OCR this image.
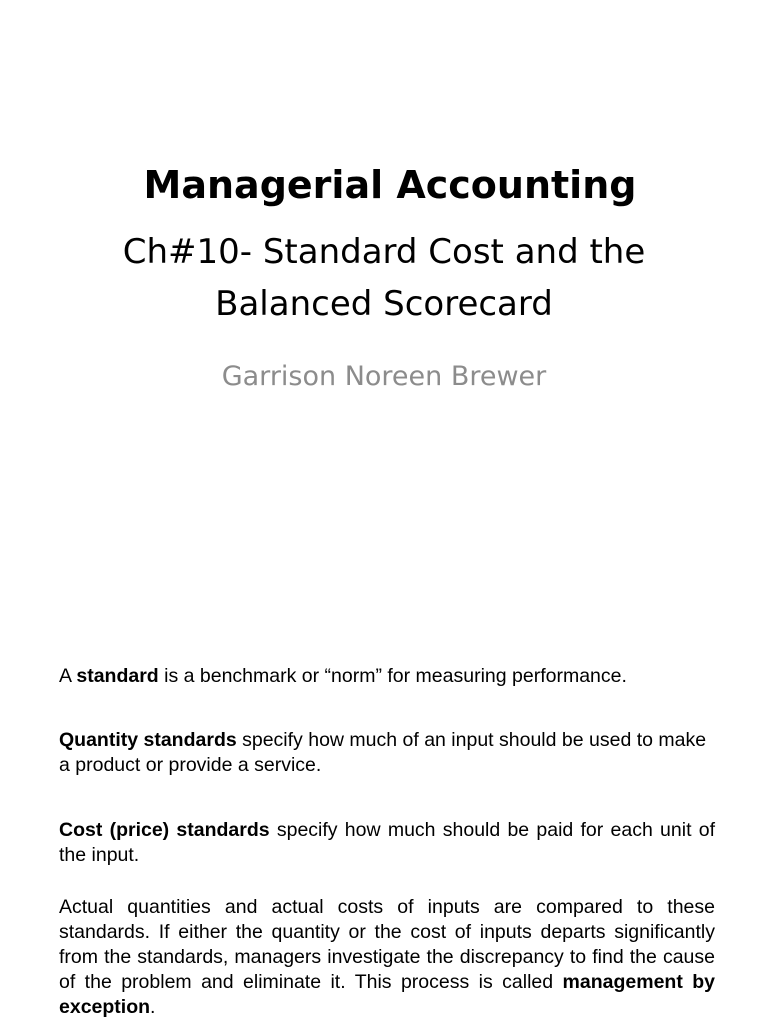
Managerial Accounting
Ch#10- Standard Cost and the
Balanced Scorecard
Garrison Noreen Brewer

A standard is a benchmark or “norm” for measuring performance.

Quantity standards specify how much of an input should be used to make a product or provide a service.

Cost (price) standards specify how much should be paid for each unit of the input.

Actual quantities and actual costs of inputs are compared to these standards. If either the quantity or the cost of inputs departs significantly from the standards, managers investigate the discrepancy to find the cause of the problem and eliminate it. This process is called management by exception.
